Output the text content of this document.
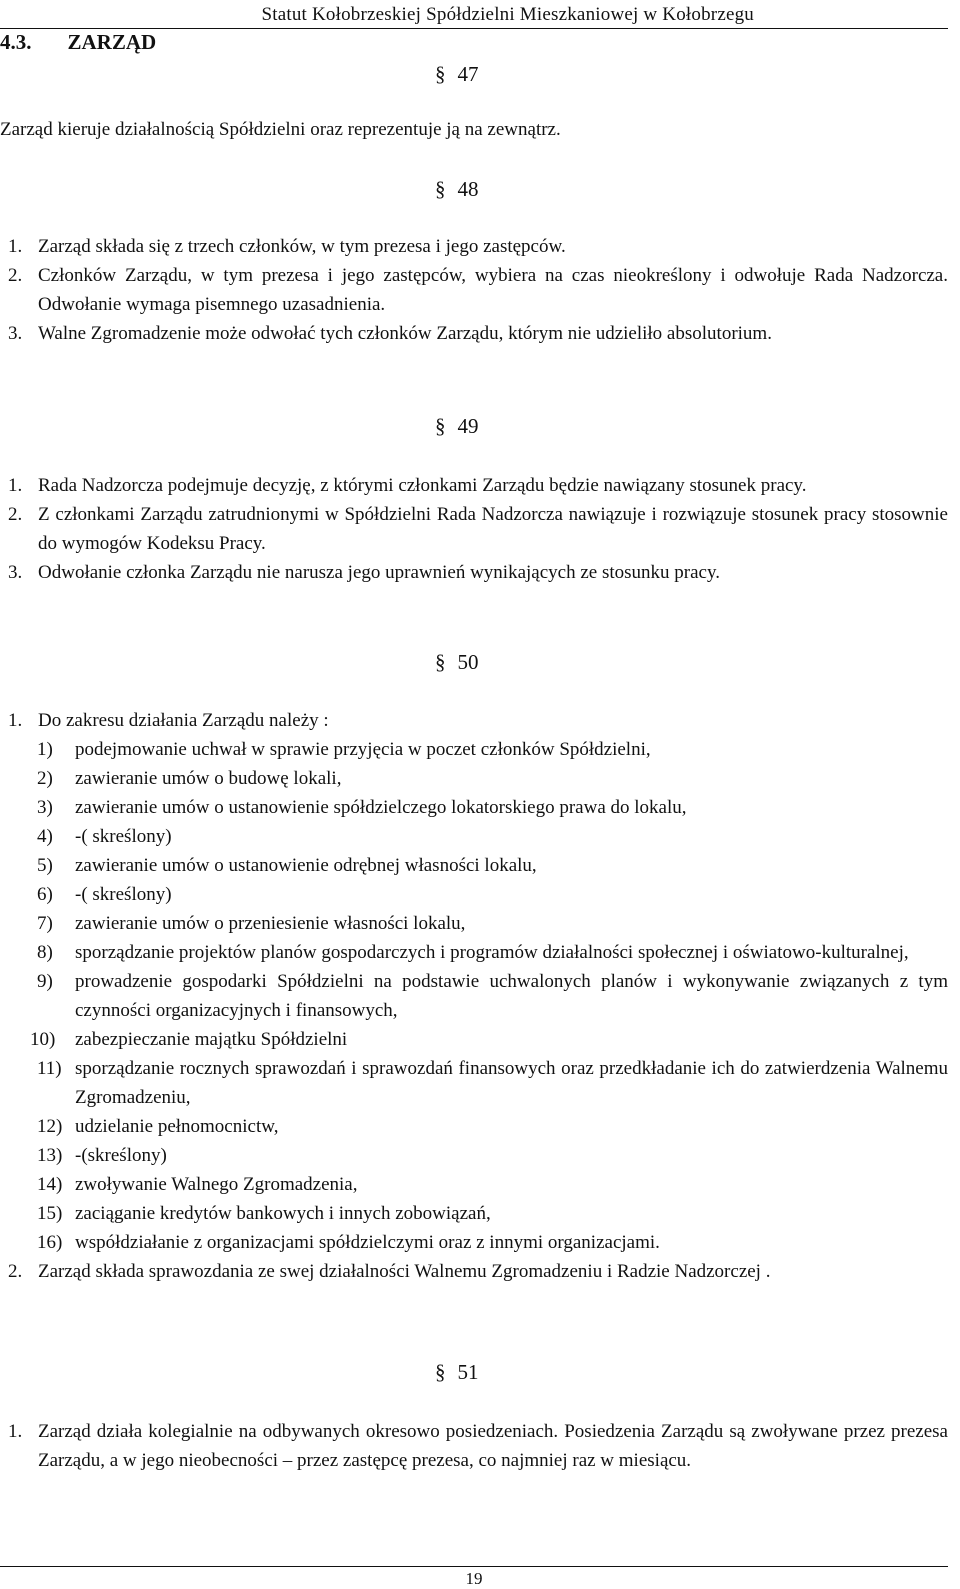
Statut Kołobrzeskiej Spółdzielni Mieszkaniowej w Kołobrzegu
4.3. ZARZĄD
§ 47
Zarząd kieruje działalnością Spółdzielni oraz reprezentuje ją na zewnątrz.
§ 48
1. Zarząd składa się z trzech członków, w tym prezesa i jego zastępców.
2. Członków Zarządu, w tym prezesa i jego zastępców, wybiera na czas nieokreślony i odwołuje Rada Nadzorcza. Odwołanie wymaga pisemnego uzasadnienia.
3. Walne Zgromadzenie może odwołać tych członków Zarządu, którym nie udzieliło absolutorium.
§ 49
1. Rada Nadzorcza podejmuje decyzję, z którymi członkami Zarządu będzie nawiązany stosunek pracy.
2. Z członkami Zarządu zatrudnionymi w Spółdzielni Rada Nadzorcza nawiązuje i rozwiązuje stosunek pracy stosownie do wymogów Kodeksu Pracy.
3. Odwołanie członka Zarządu nie narusza jego uprawnień wynikających ze stosunku pracy.
§ 50
1. Do zakresu działania Zarządu należy :
1) podejmowanie uchwał w sprawie przyjęcia w poczet członków Spółdzielni,
2) zawieranie umów o budowę lokali,
3) zawieranie umów o ustanowienie spółdzielczego lokatorskiego prawa do lokalu,
4) -( skreślony)
5) zawieranie umów o ustanowienie odrębnej własności lokalu,
6) -( skreślony)
7) zawieranie umów o przeniesienie własności lokalu,
8) sporządzanie projektów planów gospodarczych i programów działalności społecznej i oświatowo-kulturalnej,
9) prowadzenie gospodarki Spółdzielni na podstawie uchwalonych planów i wykonywanie związanych z tym czynności organizacyjnych i finansowych,
10) zabezpieczanie majątku Spółdzielni
11) sporządzanie rocznych sprawozdań i sprawozdań finansowych oraz przedkładanie ich do zatwierdzenia Walnemu Zgromadzeniu,
12) udzielanie pełnomocnictw,
13) -(skreślony)
14) zwoływanie Walnego Zgromadzenia,
15) zaciąganie kredytów bankowych i innych zobowiązań,
16) współdziałanie z organizacjami spółdzielczymi oraz z innymi organizacjami.
2. Zarząd składa sprawozdania ze swej działalności Walnemu Zgromadzeniu i Radzie Nadzorczej .
§ 51
1. Zarząd działa kolegialnie na odbywanych okresowo posiedzeniach. Posiedzenia Zarządu są zwoływane przez prezesa Zarządu, a w jego nieobecności – przez zastępcę prezesa, co najmniej raz w miesiącu.
19
